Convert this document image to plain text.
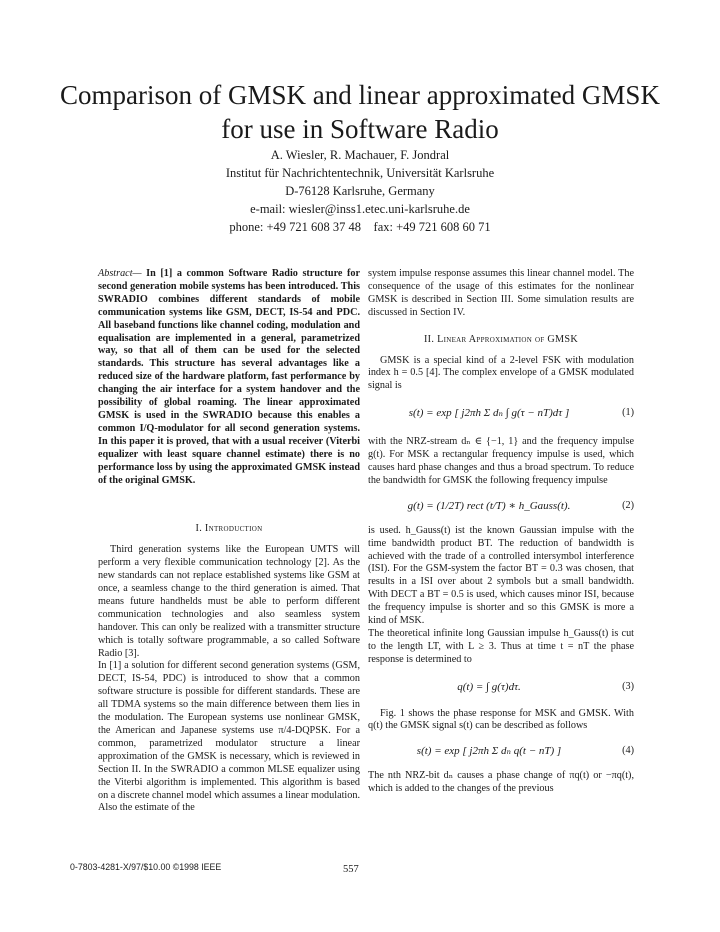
Comparison of GMSK and linear approximated GMSK for use in Software Radio
A. Wiesler, R. Machauer, F. Jondral
Institut für Nachrichtentechnik, Universität Karlsruhe
D-76128 Karlsruhe, Germany
e-mail: wiesler@inss1.etec.uni-karlsruhe.de
phone: +49 721 608 37 48    fax: +49 721 608 60 71

Abstract— In [1] a common Software Radio structure for second generation mobile systems has been introduced. This SWRADIO combines different standards of mobile communication systems like GSM, DECT, IS-54 and PDC. All baseband functions like channel coding, modulation and equalisation are implemented in a general, parametrized way, so that all of them can be used for the selected standards. This structure has several advantages like a reduced size of the hardware platform, fast performance by changing the air interface for a system handover and the possibility of global roaming. The linear approximated GMSK is used in the SWRADIO because this enables a common I/Q-modulator for all second generation systems. In this paper it is proved, that with a usual receiver (Viterbi equalizer with least square channel estimate) there is no performance loss by using the approximated GMSK instead of the original GMSK.

I. Introduction

Third generation systems like the European UMTS will perform a very flexible communication technology [2]. As the new standards can not replace established systems like GSM at once, a seamless change to the third generation is aimed. That means future handhelds must be able to perform different communication technologies and also seamless system handover. This can only be realized with a transmitter structure which is totally software programmable, a so called Software Radio [3].

In [1] a solution for different second generation systems (GSM, DECT, IS-54, PDC) is introduced to show that a common software structure is possible for different standards. These are all TDMA systems so the main difference between them lies in the modulation. The European systems use nonlinear GMSK, the American and Japanese systems use π/4-DQPSK. For a common, parametrized modulator structure a linear approximation of the GMSK is necessary, which is reviewed in Section II. In the SWRADIO a common MLSE equalizer using the Viterbi algorithm is implemented. This algorithm is based on a discrete channel model which assumes a linear modulation. Also the estimate of the

system impulse response assumes this linear channel model. The consequence of the usage of this estimates for the nonlinear GMSK is described in Section III. Some simulation results are discussed in Section IV.

II. Linear Approximation of GMSK

GMSK is a special kind of a 2-level FSK with modulation index h = 0.5 [4]. The complex envelope of a GMSK modulated signal is

s(t) = exp [ j2πh Σ dₙ ∫ g(τ − nT)dτ ]	(1)

with the NRZ-stream dₙ ∈ {−1, 1} and the frequency impulse g(t). For MSK a rectangular frequency impulse is used, which causes hard phase changes and thus a broad spectrum. To reduce the bandwidth for GMSK the following frequency impulse

g(t) = (1/2T) rect (t/T) ∗ h_Gauss(t).	(2)

is used. h_Gauss(t) ist the known Gaussian impulse with the time bandwidth product BT. The reduction of bandwidth is achieved with the trade of a controlled intersymbol interference (ISI). For the GSM-system the factor BT = 0.3 was chosen, that results in a ISI over about 2 symbols but a small bandwidth. With DECT a BT = 0.5 is used, which causes minor ISI, because the frequency impulse is shorter and so this GMSK is more a kind of MSK.

The theoretical infinite long Gaussian impulse h_Gauss(t) is cut to the length LT, with L ≥ 3. Thus at time t = nT the phase response is determined to

q(t) = ∫ g(τ)dτ.	(3)

Fig. 1 shows the phase response for MSK and GMSK. With q(t) the GMSK signal s(t) can be described as follows

s(t) = exp [ j2πh Σ dₙ q(t − nT) ]	(4)

The nth NRZ-bit dₙ causes a phase change of πq(t) or −πq(t), which is added to the changes of the previous

0-7803-4281-X/97/$10.00 ©1998 IEEE	557
